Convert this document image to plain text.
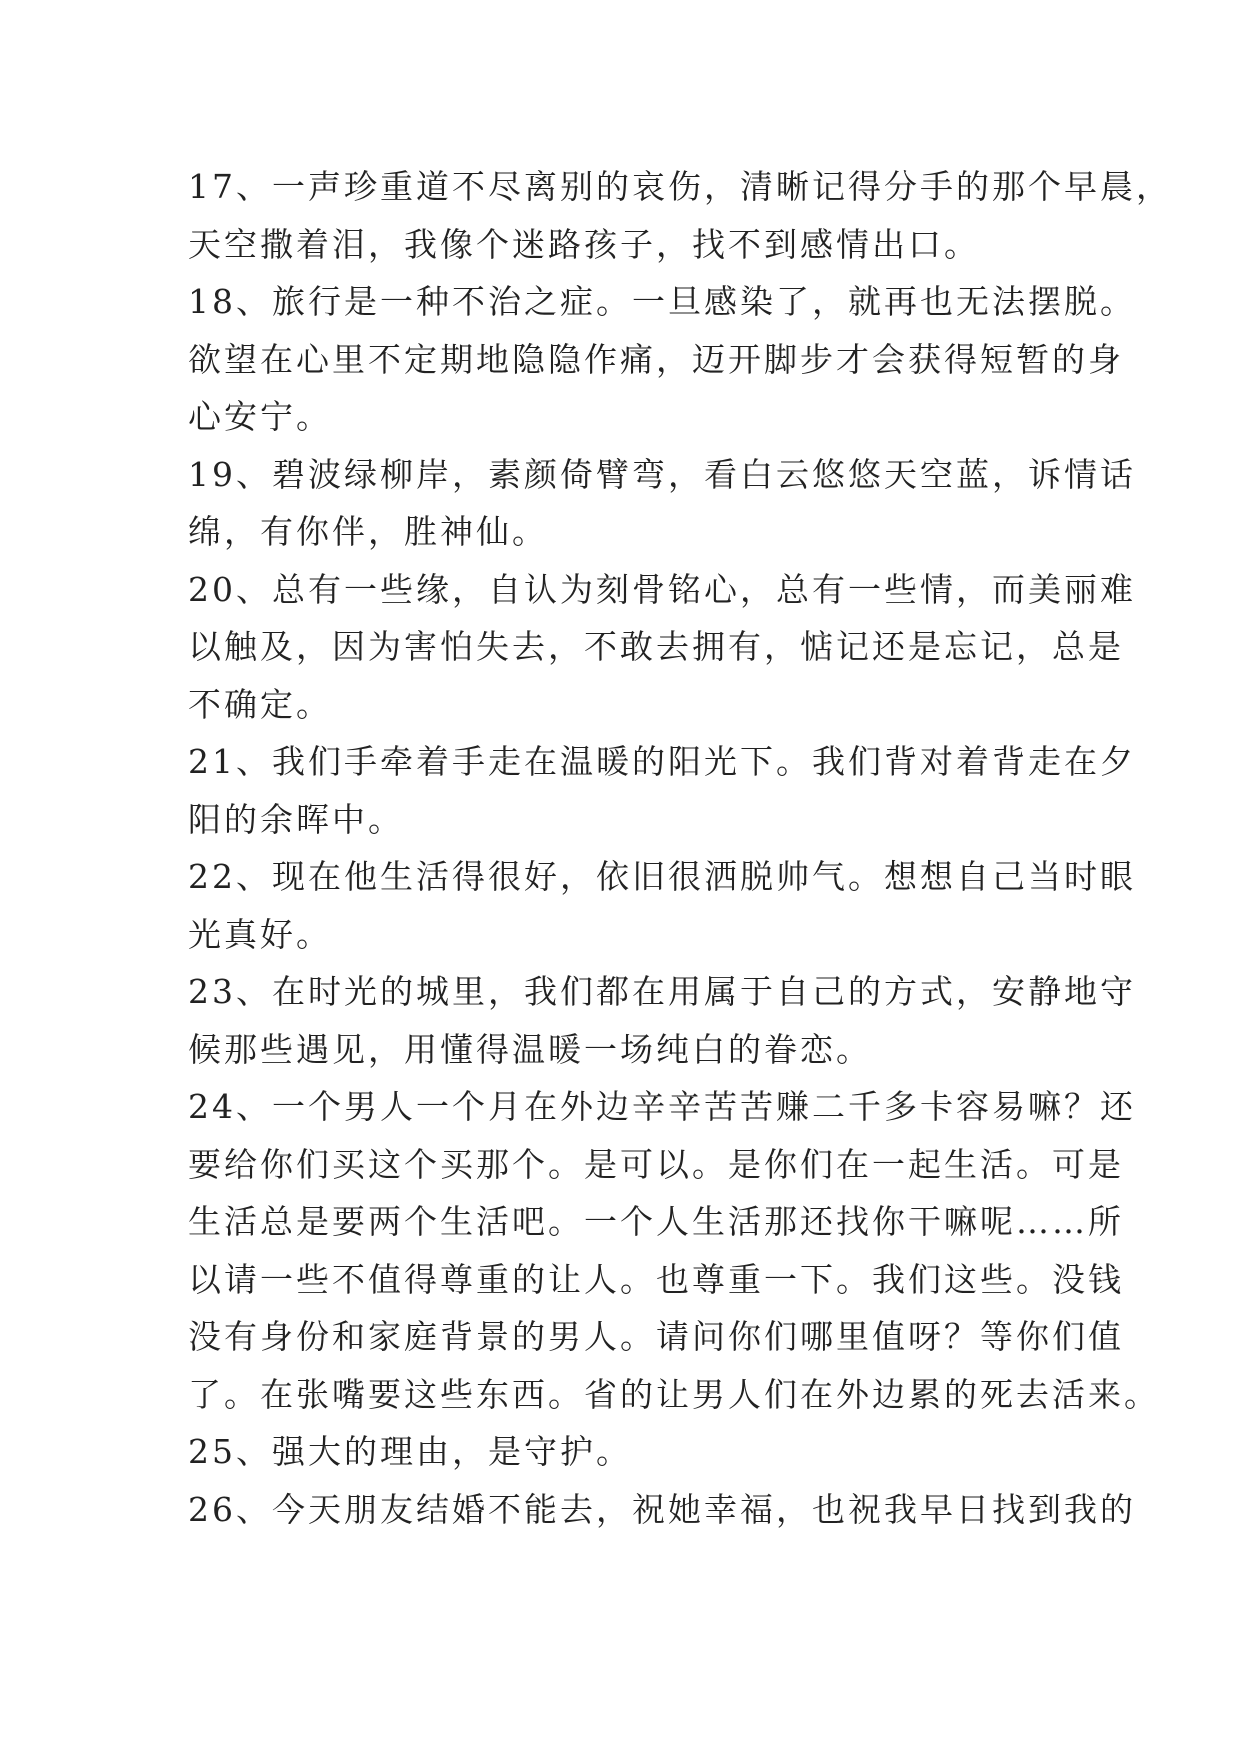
17、一声珍重道不尽离别的哀伤，清晰记得分手的那个早晨，
天空撒着泪，我像个迷路孩子，找不到感情出口。
18、旅行是一种不治之症。一旦感染了，就再也无法摆脱。
欲望在心里不定期地隐隐作痛，迈开脚步才会获得短暂的身
心安宁。
19、碧波绿柳岸，素颜倚臂弯，看白云悠悠天空蓝，诉情话
绵，有你伴，胜神仙。
20、总有一些缘，自认为刻骨铭心，总有一些情，而美丽难
以触及，因为害怕失去，不敢去拥有，惦记还是忘记，总是
不确定。
21、我们手牵着手走在温暖的阳光下。我们背对着背走在夕
阳的余晖中。
22、现在他生活得很好，依旧很洒脱帅气。想想自己当时眼
光真好。
23、在时光的城里，我们都在用属于自己的方式，安静地守
候那些遇见，用懂得温暖一场纯白的眷恋。
24、一个男人一个月在外边辛辛苦苦赚二千多卡容易嘛？还
要给你们买这个买那个。是可以。是你们在一起生活。可是
生活总是要两个生活吧。一个人生活那还找你干嘛呢……所
以请一些不值得尊重的让人。也尊重一下。我们这些。没钱
没有身份和家庭背景的男人。请问你们哪里值呀？等你们值
了。在张嘴要这些东西。省的让男人们在外边累的死去活来。
25、强大的理由，是守护。
26、今天朋友结婚不能去，祝她幸福，也祝我早日找到我的
